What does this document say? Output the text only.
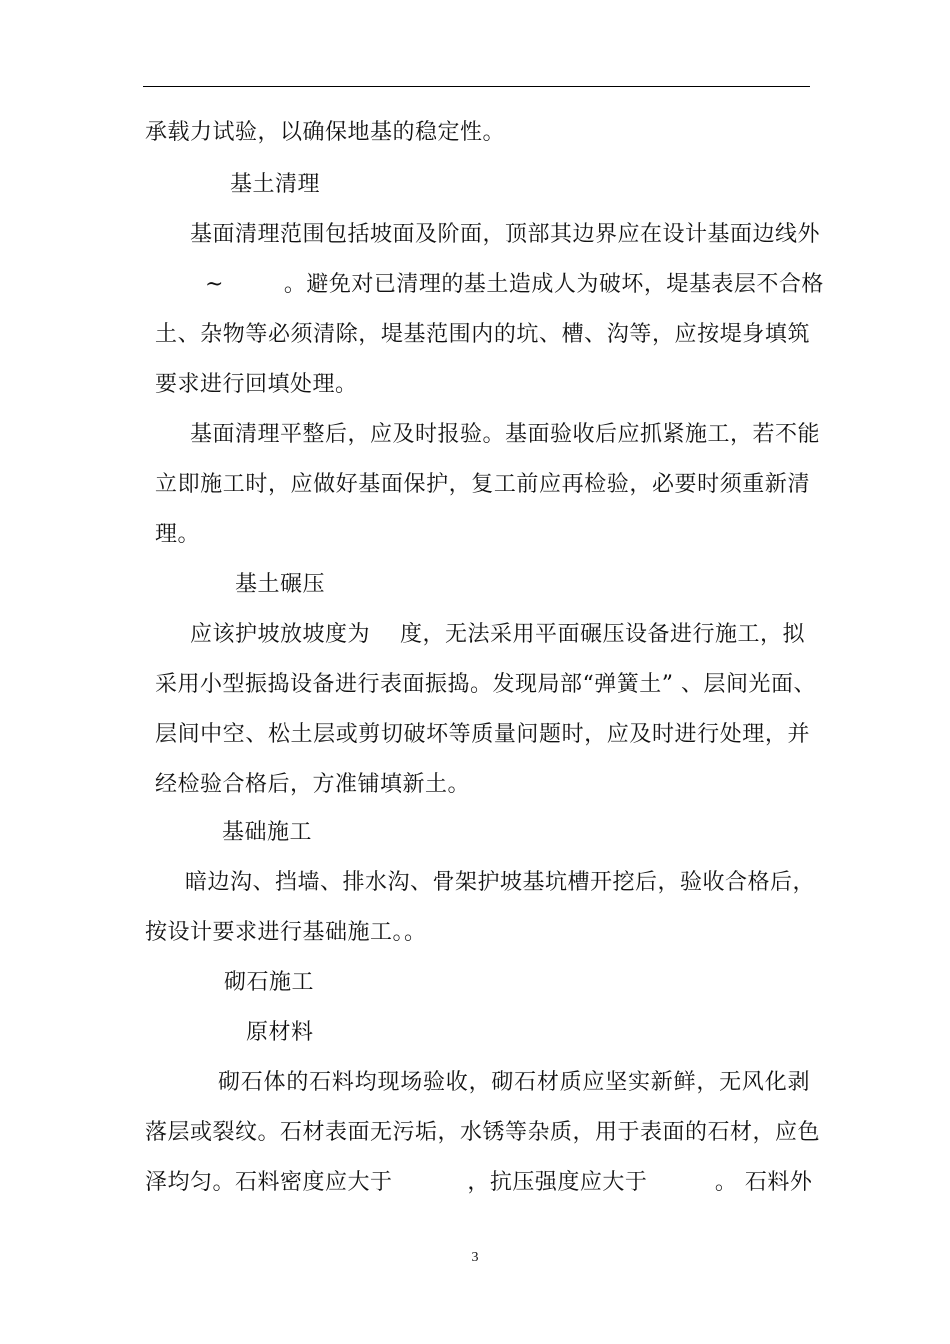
承载力试验，以确保地基的稳定性。
基土清理
基面清理范围包括坡面及阶面，顶部其边界应在设计基面边线外
~        。避免对已清理的基土造成人为破坏，堤基表层不合格
土、杂物等必须清除，堤基范围内的坑、槽、沟等，应按堤身填筑
要求进行回填处理。
基面清理平整后，应及时报验。基面验收后应抓紧施工，若不能
立即施工时，应做好基面保护，复工前应再检验，必要时须重新清
理。
基土碾压
应该护坡放坡度为    度，无法采用平面碾压设备进行施工，拟
采用小型振捣设备进行表面振捣。发现局部“弹簧土” 、层间光面、
层间中空、松土层或剪切破坏等质量问题时，应及时进行处理，并
经检验合格后，方准铺填新土。
基础施工
暗边沟、挡墙、排水沟、骨架护坡基坑槽开挖后，验收合格后，
按设计要求进行基础施工。。
砌石施工
原材料
砌石体的石料均现场验收，砌石材质应坚实新鲜，无风化剥
落层或裂纹。石材表面无污垢，水锈等杂质，用于表面的石材，应色
泽均匀。石料密度应大于          ，抗压强度应大于         。 石料外
3
